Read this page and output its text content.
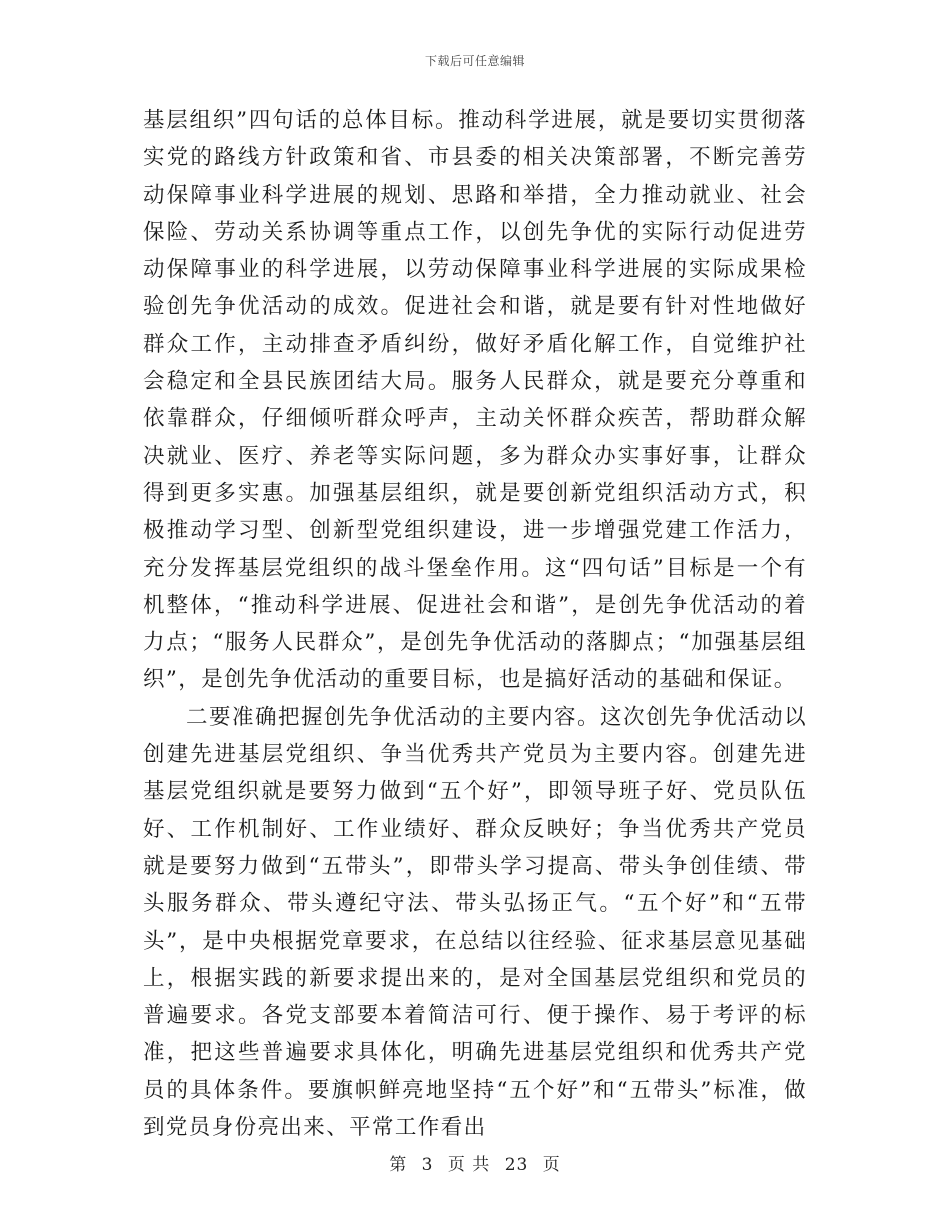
下载后可任意编辑

基层组织”四句话的总体目标。推动科学进展，就是要切实贯彻落实党的路线方针政策和省、市县委的相关决策部署，不断完善劳动保障事业科学进展的规划、思路和举措，全力推动就业、社会保险、劳动关系协调等重点工作，以创先争优的实际行动促进劳动保障事业的科学进展，以劳动保障事业科学进展的实际成果检验创先争优活动的成效。促进社会和谐，就是要有针对性地做好群众工作，主动排查矛盾纠纷，做好矛盾化解工作，自觉维护社会稳定和全县民族团结大局。服务人民群众，就是要充分尊重和依靠群众，仔细倾听群众呼声，主动关怀群众疾苦，帮助群众解决就业、医疗、养老等实际问题，多为群众办实事好事，让群众得到更多实惠。加强基层组织，就是要创新党组织活动方式，积极推动学习型、创新型党组织建设，进一步增强党建工作活力，充分发挥基层党组织的战斗堡垒作用。这“四句话”目标是一个有机整体，“推动科学进展、促进社会和谐”，是创先争优活动的着力点；“服务人民群众”，是创先争优活动的落脚点；“加强基层组织”，是创先争优活动的重要目标，也是搞好活动的基础和保证。

二要准确把握创先争优活动的主要内容。这次创先争优活动以创建先进基层党组织、争当优秀共产党员为主要内容。创建先进基层党组织就是要努力做到“五个好”，即领导班子好、党员队伍好、工作机制好、工作业绩好、群众反映好；争当优秀共产党员就是要努力做到“五带头”，即带头学习提高、带头争创佳绩、带头服务群众、带头遵纪守法、带头弘扬正气。“五个好”和“五带头”，是中央根据党章要求，在总结以往经验、征求基层意见基础上，根据实践的新要求提出来的，是对全国基层党组织和党员的普遍要求。各党支部要本着简洁可行、便于操作、易于考评的标准，把这些普遍要求具体化，明确先进基层党组织和优秀共产党员的具体条件。要旗帜鲜亮地坚持“五个好”和“五带头”标准，做到党员身份亮出来、平常工作看出

第 3 页 共 23 页
